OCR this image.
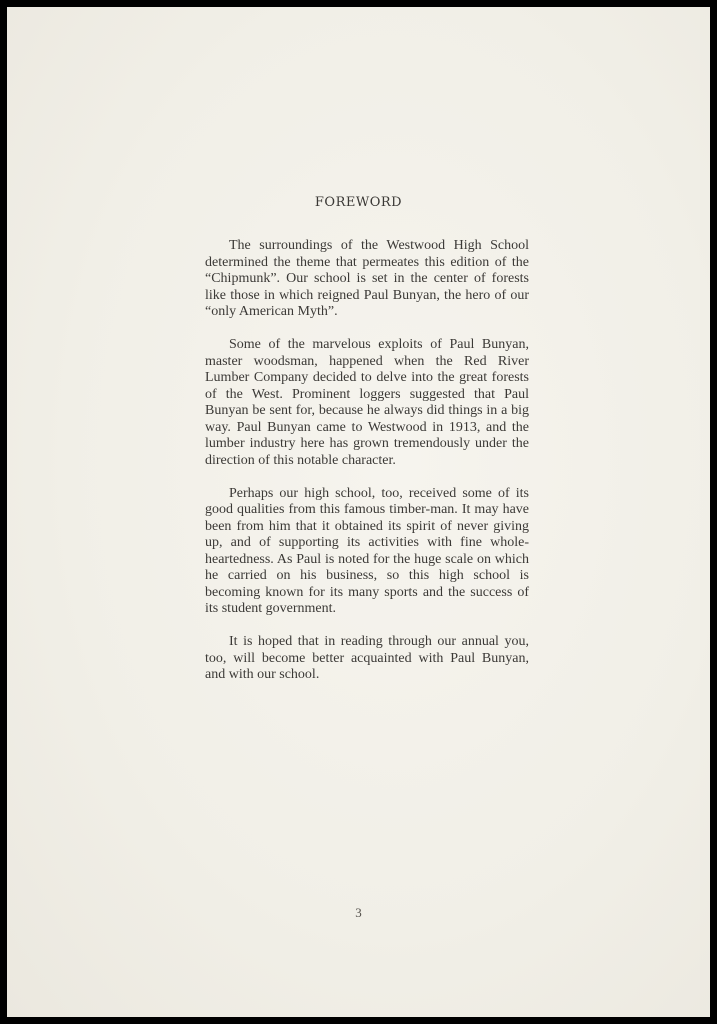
FOREWORD

The surroundings of the Westwood High School determined the theme that permeates this edition of the “Chipmunk”. Our school is set in the center of forests like those in which reigned Paul Bunyan, the hero of our “only American Myth”.

Some of the marvelous exploits of Paul Bunyan, master woodsman, happened when the Red River Lumber Company decided to delve into the great forests of the West. Prominent loggers suggested that Paul Bunyan be sent for, because he always did things in a big way. Paul Bunyan came to Westwood in 1913, and the lumber industry here has grown tremendously under the direction of this notable character.

Perhaps our high school, too, received some of its good qualities from this famous timber-man. It may have been from him that it obtained its spirit of never giving up, and of supporting its activities with fine whole-heartedness. As Paul is noted for the huge scale on which he carried on his business, so this high school is becoming known for its many sports and the success of its student government.

It is hoped that in reading through our annual you, too, will become better acquainted with Paul Bunyan, and with our school.

3
